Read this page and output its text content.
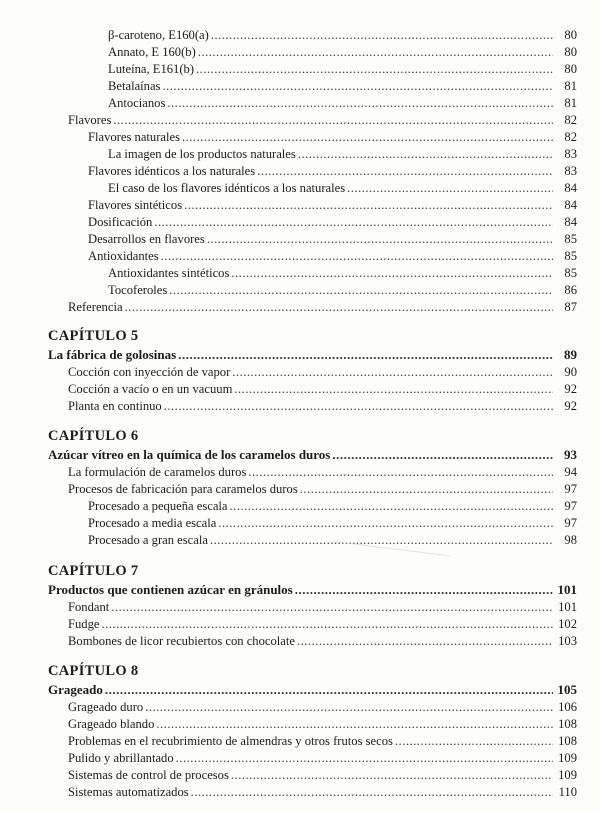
β-caroteno, E160(a) .....	80
Annato, E 160(b) .....	80
Luteína, E161(b) .....	80
Betalaínas .....	81
Antocianos .....	81
Flavores .....	82
Flavores naturales .....	82
La imagen de los productos naturales .....	83
Flavores idénticos a los naturales .....	83
El caso de los flavores idénticos a los naturales .....	84
Flavores sintéticos .....	84
Dosificación .....	84
Desarrollos en flavores .....	85
Antioxidantes .....	85
Antioxidantes sintéticos .....	85
Tocoferoles .....	86
Referencia .....	87
CAPÍTULO 5
La fábrica de golosinas .....	89
Cocción con inyección de vapor .....	90
Cocción a vacío o en un vacuum .....	92
Planta en continuo .....	92
CAPÍTULO 6
Azúcar vítreo en la química de los caramelos duros .....	93
La formulación de caramelos duros .....	94
Procesos de fabricación para caramelos duros .....	97
Procesado a pequeña escala .....	97
Procesado a media escala .....	97
Procesado a gran escala .....	98
CAPÍTULO 7
Productos que contienen azúcar en gránulos .....	101
Fondant .....	101
Fudge .....	102
Bombones de licor recubiertos con chocolate .....	103
CAPÍTULO 8
Grageado .....	105
Grageado duro .....	106
Grageado blando .....	108
Problemas en el recubrimiento de almendras y otros frutos secos .....	108
Pulido y abrillantado .....	109
Sistemas de control de procesos .....	109
Sistemas automatizados .....	110
